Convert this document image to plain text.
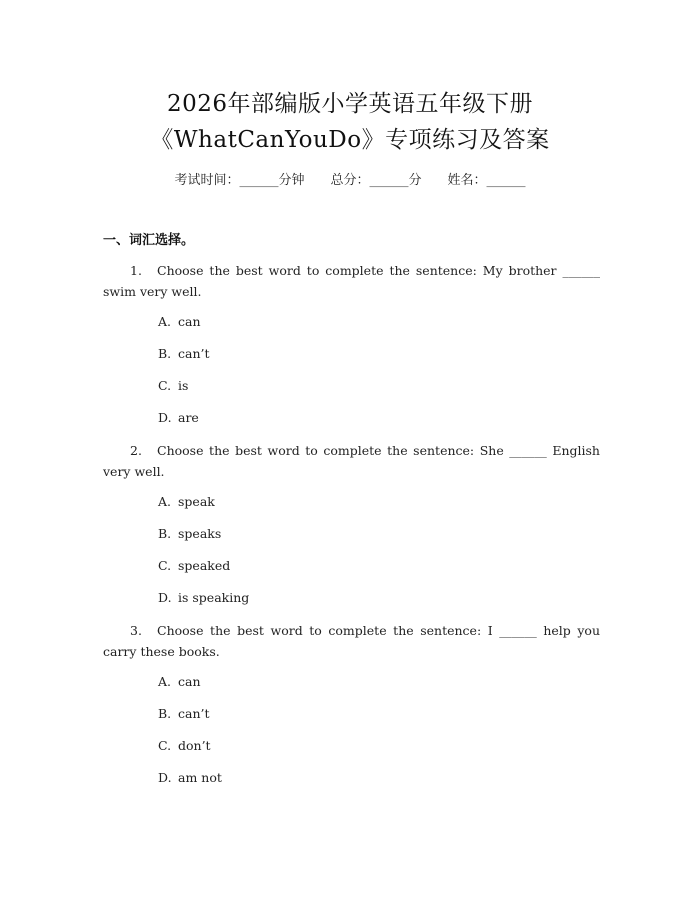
2026年部编版小学英语五年级下册
《WhatCanYouDo》专项练习及答案
考试时间：______分钟 总分：______分 姓名：______
一、词汇选择。
1. Choose the best word to complete the sentence: My brother ______ swim very well.
A. can
B. can’t
C. is
D. are
2. Choose the best word to complete the sentence: She ______ English very well.
A. speak
B. speaks
C. speaked
D. is speaking
3. Choose the best word to complete the sentence: I ______ help you carry these books.
A. can
B. can’t
C. don’t
D. am not
